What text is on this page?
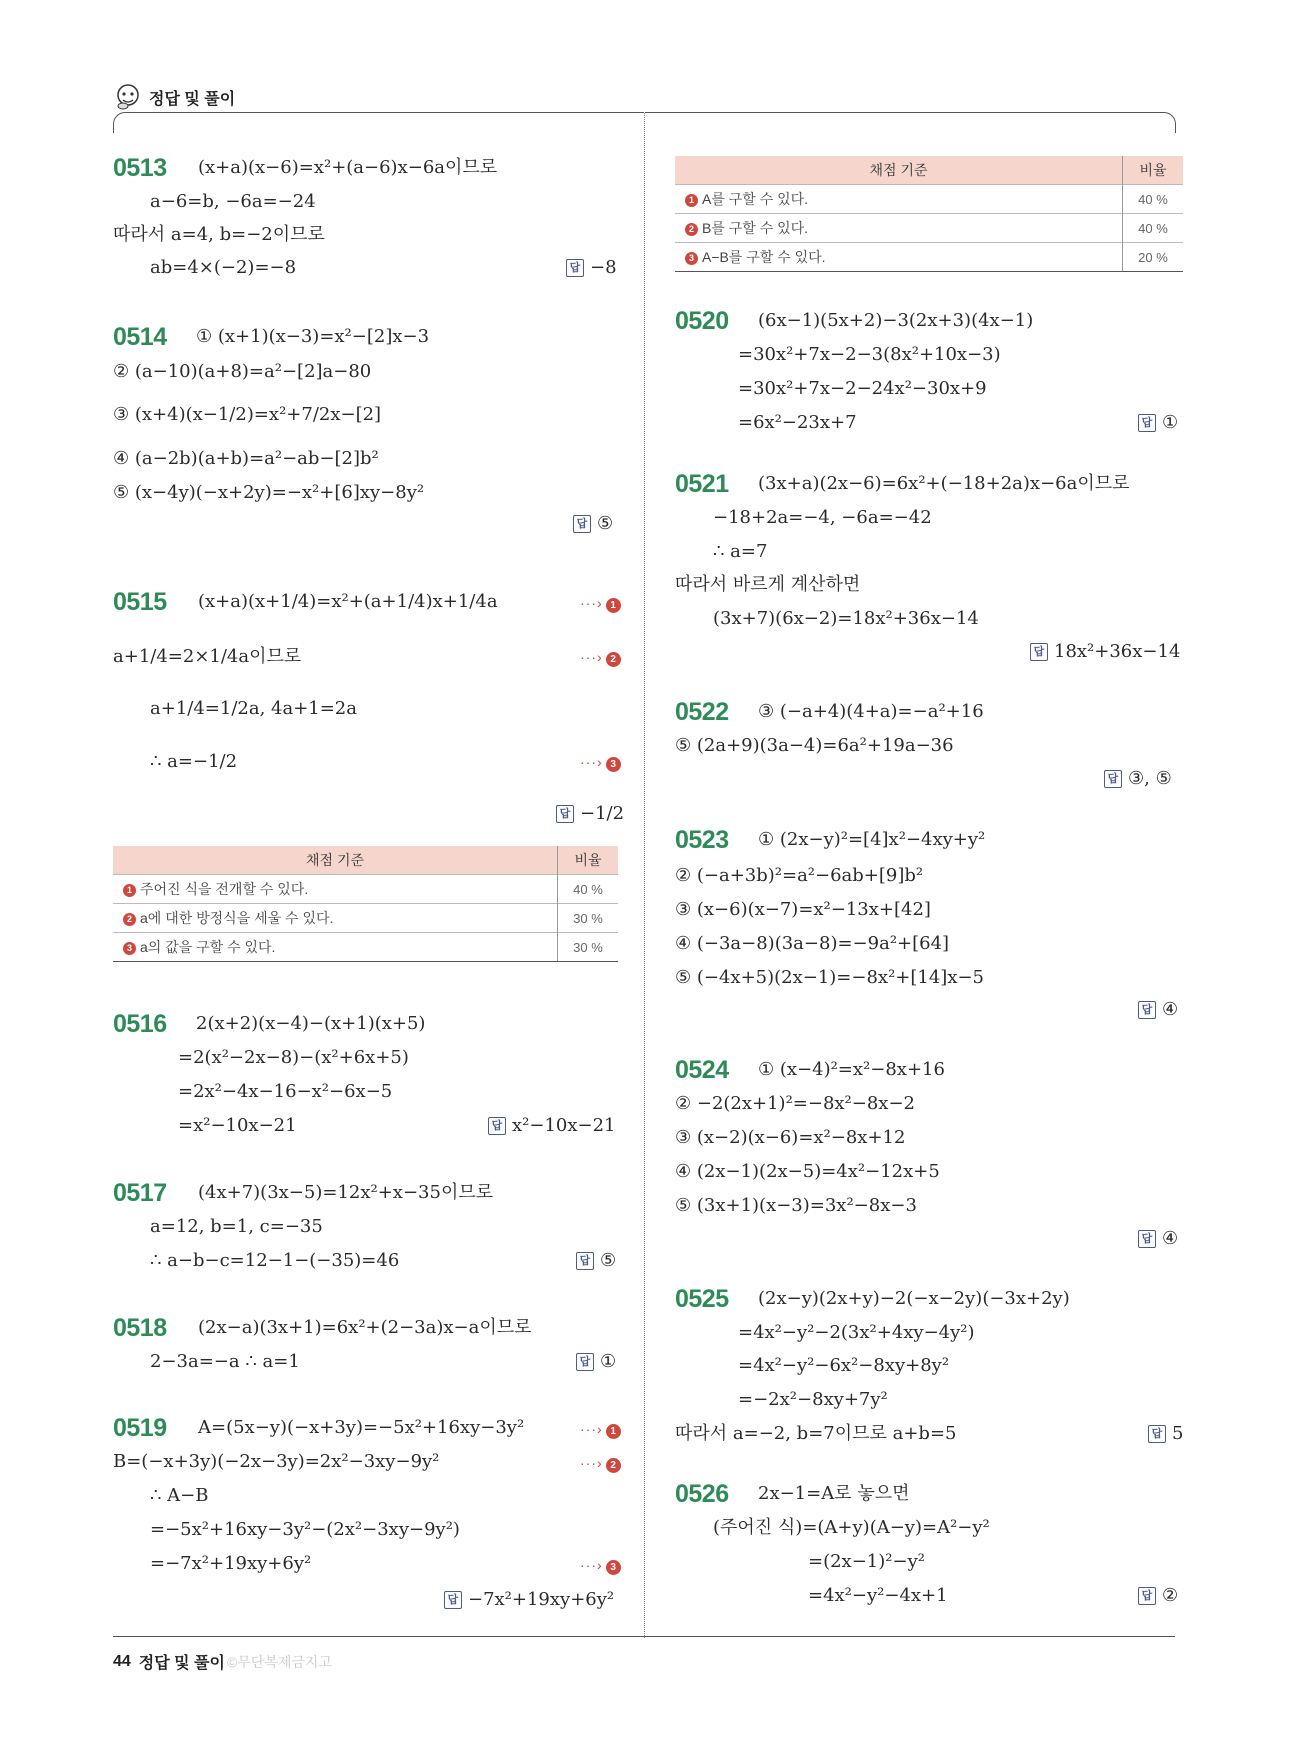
정답 및 풀이
0513 (x+a)(x−6)=x²+(a−6)x−6a이므로
a−6=b, −6a=−24
따라서 a=4, b=−2이므로
ab=4×(−2)=−8	답 −8
0514 ① (x+1)(x−3)=x²−[2]x−3
② (a−10)(a+8)=a²−[2]a−80
③ (x+4)(x−1/2)=x²+7/2x−[2]
④ (a−2b)(a+b)=a²−ab−[2]b²
⑤ (x−4y)(−x+2y)=−x²+[6]xy−8y²
답 ⑤
0515 (x+a)(x+1/4)=x²+(a+1/4)x+1/4a	···› 1
a+1/4=2×1/4a이므로	···› 2
a+1/4=1/2a, 4a+1=2a
∴ a=−1/2	···› 3
답 −1/2
채점 기준	비율
1 주어진 식을 전개할 수 있다.	40 %
2 a에 대한 방정식을 세울 수 있다.	30 %
3 a의 값을 구할 수 있다.	30 %
0516 2(x+2)(x−4)−(x+1)(x+5)
=2(x²−2x−8)−(x²+6x+5)
=2x²−4x−16−x²−6x−5
=x²−10x−21	답 x²−10x−21
0517 (4x+7)(3x−5)=12x²+x−35이므로
a=12, b=1, c=−35
∴ a−b−c=12−1−(−35)=46	답 ⑤
0518 (2x−a)(3x+1)=6x²+(2−3a)x−a이므로
2−3a=−a ∴ a=1	답 ①
0519 A=(5x−y)(−x+3y)=−5x²+16xy−3y²	···› 1
B=(−x+3y)(−2x−3y)=2x²−3xy−9y²	···› 2
∴ A−B
=−5x²+16xy−3y²−(2x²−3xy−9y²)
=−7x²+19xy+6y²	···› 3
답 −7x²+19xy+6y²
채점 기준	비율
1 A를 구할 수 있다.	40 %
2 B를 구할 수 있다.	40 %
3 A−B를 구할 수 있다.	20 %
0520 (6x−1)(5x+2)−3(2x+3)(4x−1)
=30x²+7x−2−3(8x²+10x−3)
=30x²+7x−2−24x²−30x+9
=6x²−23x+7	답 ①
0521 (3x+a)(2x−6)=6x²+(−18+2a)x−6a이므로
−18+2a=−4, −6a=−42
∴ a=7
따라서 바르게 계산하면
(3x+7)(6x−2)=18x²+36x−14
답 18x²+36x−14
0522 ③ (−a+4)(4+a)=−a²+16
⑤ (2a+9)(3a−4)=6a²+19a−36
답 ③, ⑤
0523 ① (2x−y)²=[4]x²−4xy+y²
② (−a+3b)²=a²−6ab+[9]b²
③ (x−6)(x−7)=x²−13x+[42]
④ (−3a−8)(3a−8)=−9a²+[64]
⑤ (−4x+5)(2x−1)=−8x²+[14]x−5
답 ④
0524 ① (x−4)²=x²−8x+16
② −2(2x+1)²=−8x²−8x−2
③ (x−2)(x−6)=x²−8x+12
④ (2x−1)(2x−5)=4x²−12x+5
⑤ (3x+1)(x−3)=3x²−8x−3
답 ④
0525 (2x−y)(2x+y)−2(−x−2y)(−3x+2y)
=4x²−y²−2(3x²+4xy−4y²)
=4x²−y²−6x²−8xy+8y²
=−2x²−8xy+7y²
따라서 a=−2, b=7이므로 a+b=5	답 5
0526 2x−1=A로 놓으면
(주어진 식)=(A+y)(A−y)=A²−y²
=(2x−1)²−y²
=4x²−y²−4x+1	답 ②
44 정답 및 풀이 ©무단복제금지고
